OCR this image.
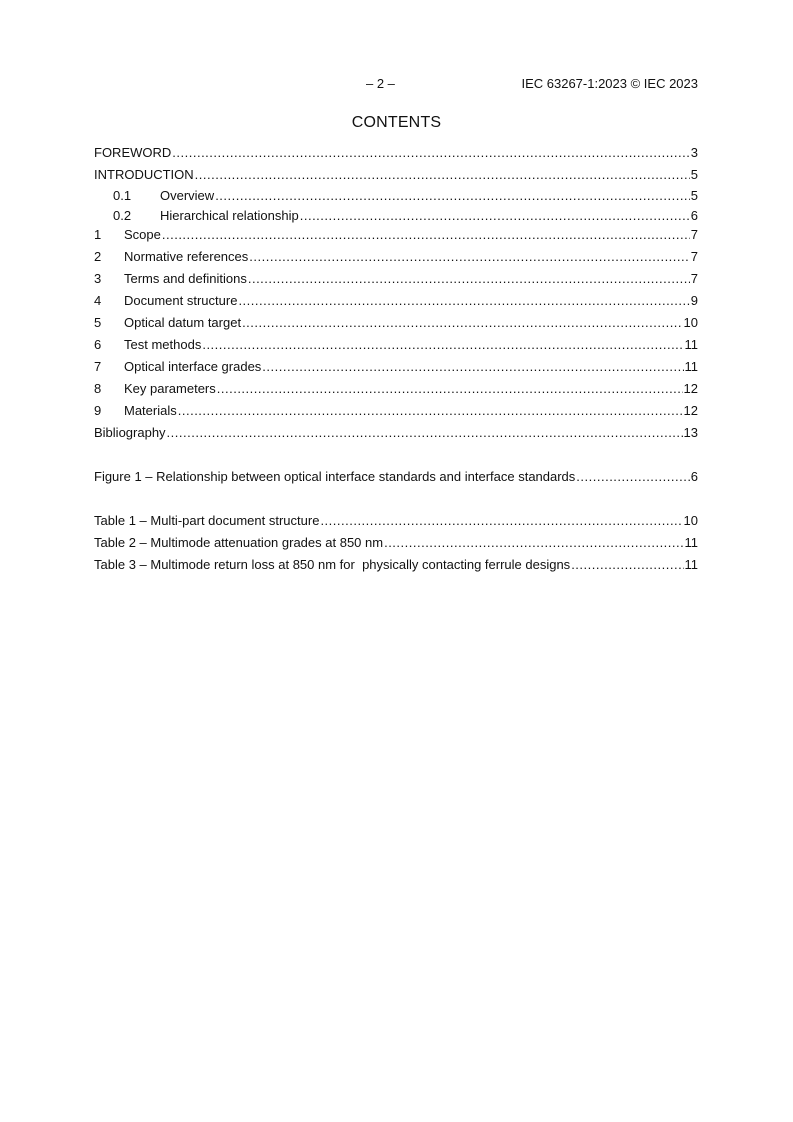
– 2 –	IEC 63267-1:2023 © IEC 2023
CONTENTS
FOREWORD .....	3
INTRODUCTION .....	5
0.1	Overview .....	5
0.2	Hierarchical relationship .....	6
1	Scope .....	7
2	Normative references .....	7
3	Terms and definitions .....	7
4	Document structure .....	9
5	Optical datum target .....	10
6	Test methods .....	11
7	Optical interface grades .....	11
8	Key parameters .....	12
9	Materials .....	12
Bibliography .....	13
Figure 1 – Relationship between optical interface standards and interface standards .....	6
Table 1 – Multi-part document structure .....	10
Table 2 – Multimode attenuation grades at 850 nm .....	11
Table 3 – Multimode return loss at 850 nm for  physically contacting ferrule designs .....	11
